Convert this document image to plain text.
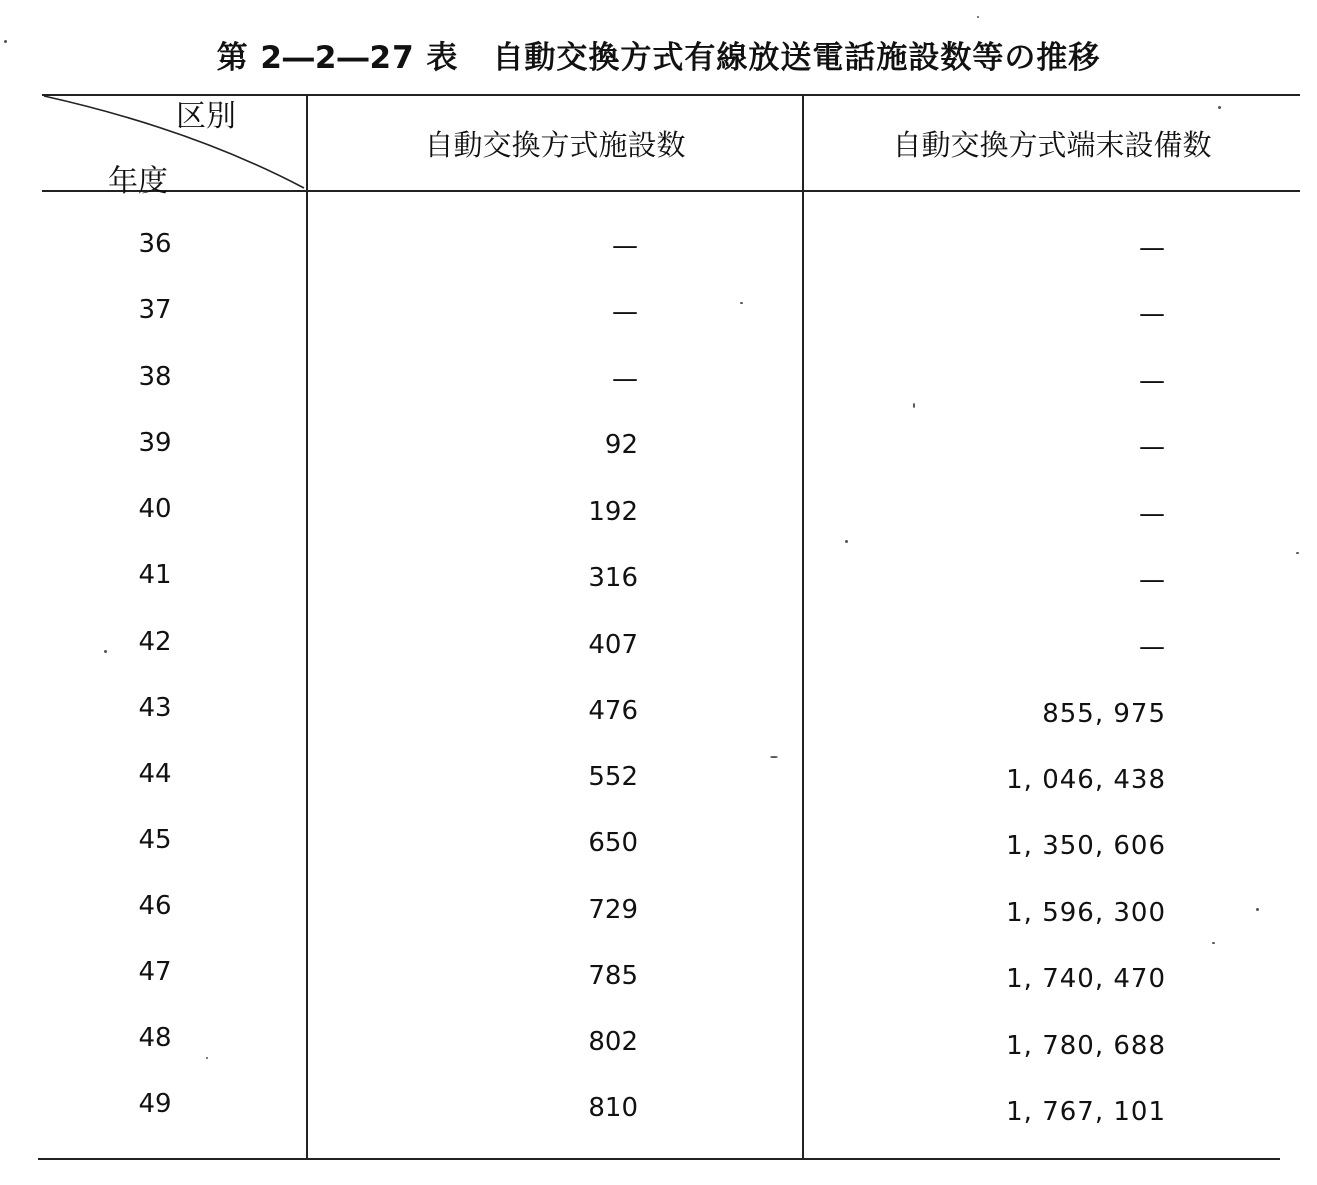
第 2―2―27 表 自動交換方式有線放送電話施設数等の推移
区別
年度
自動交換方式施設数	自動交換方式端末設備数
36	—	—
37	—	—
38	—	—
39	92	—
40	192	—
41	316	—
42	407	—
43	476	855, 975
44	552	1, 046, 438
45	650	1, 350, 606
46	729	1, 596, 300
47	785	1, 740, 470
48	802	1, 780, 688
49	810	1, 767, 101
